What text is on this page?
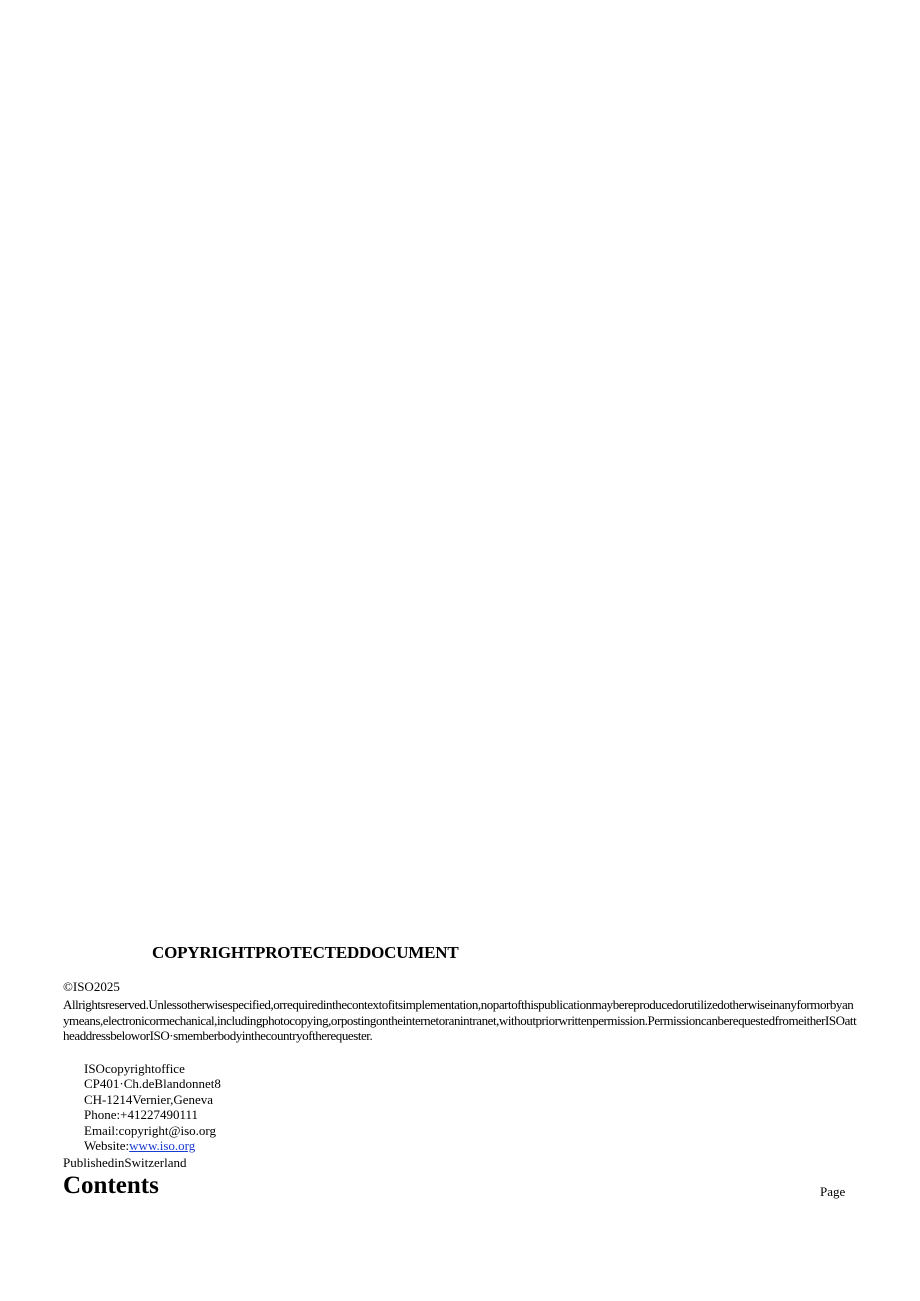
COPYRIGHTPROTECTEDDOCUMENT
©ISO2025
Allrightsreserved.Unlessotherwisespecified,orrequiredinthecontextofitsimplementation,nopartofthispublicationmaybereproducedorutilizedotherwiseinanyformorbyanymeans,electronicormechanical,includingphotocopying,orpostingontheinternetoranintranet,withoutpriorwrittenpermission.PermissioncanberequestedfromeitherISOattheaddressbeloworISO·smemberbodyinthecountryoftherequester.
ISOcopyrightoffice
CP401·Ch.deBlandonnet8
CH-1214Vernier,Geneva
Phone:+41227490111
Email:copyright@iso.org
Website:www.iso.org
PublishedinSwitzerland
Contents	Page
